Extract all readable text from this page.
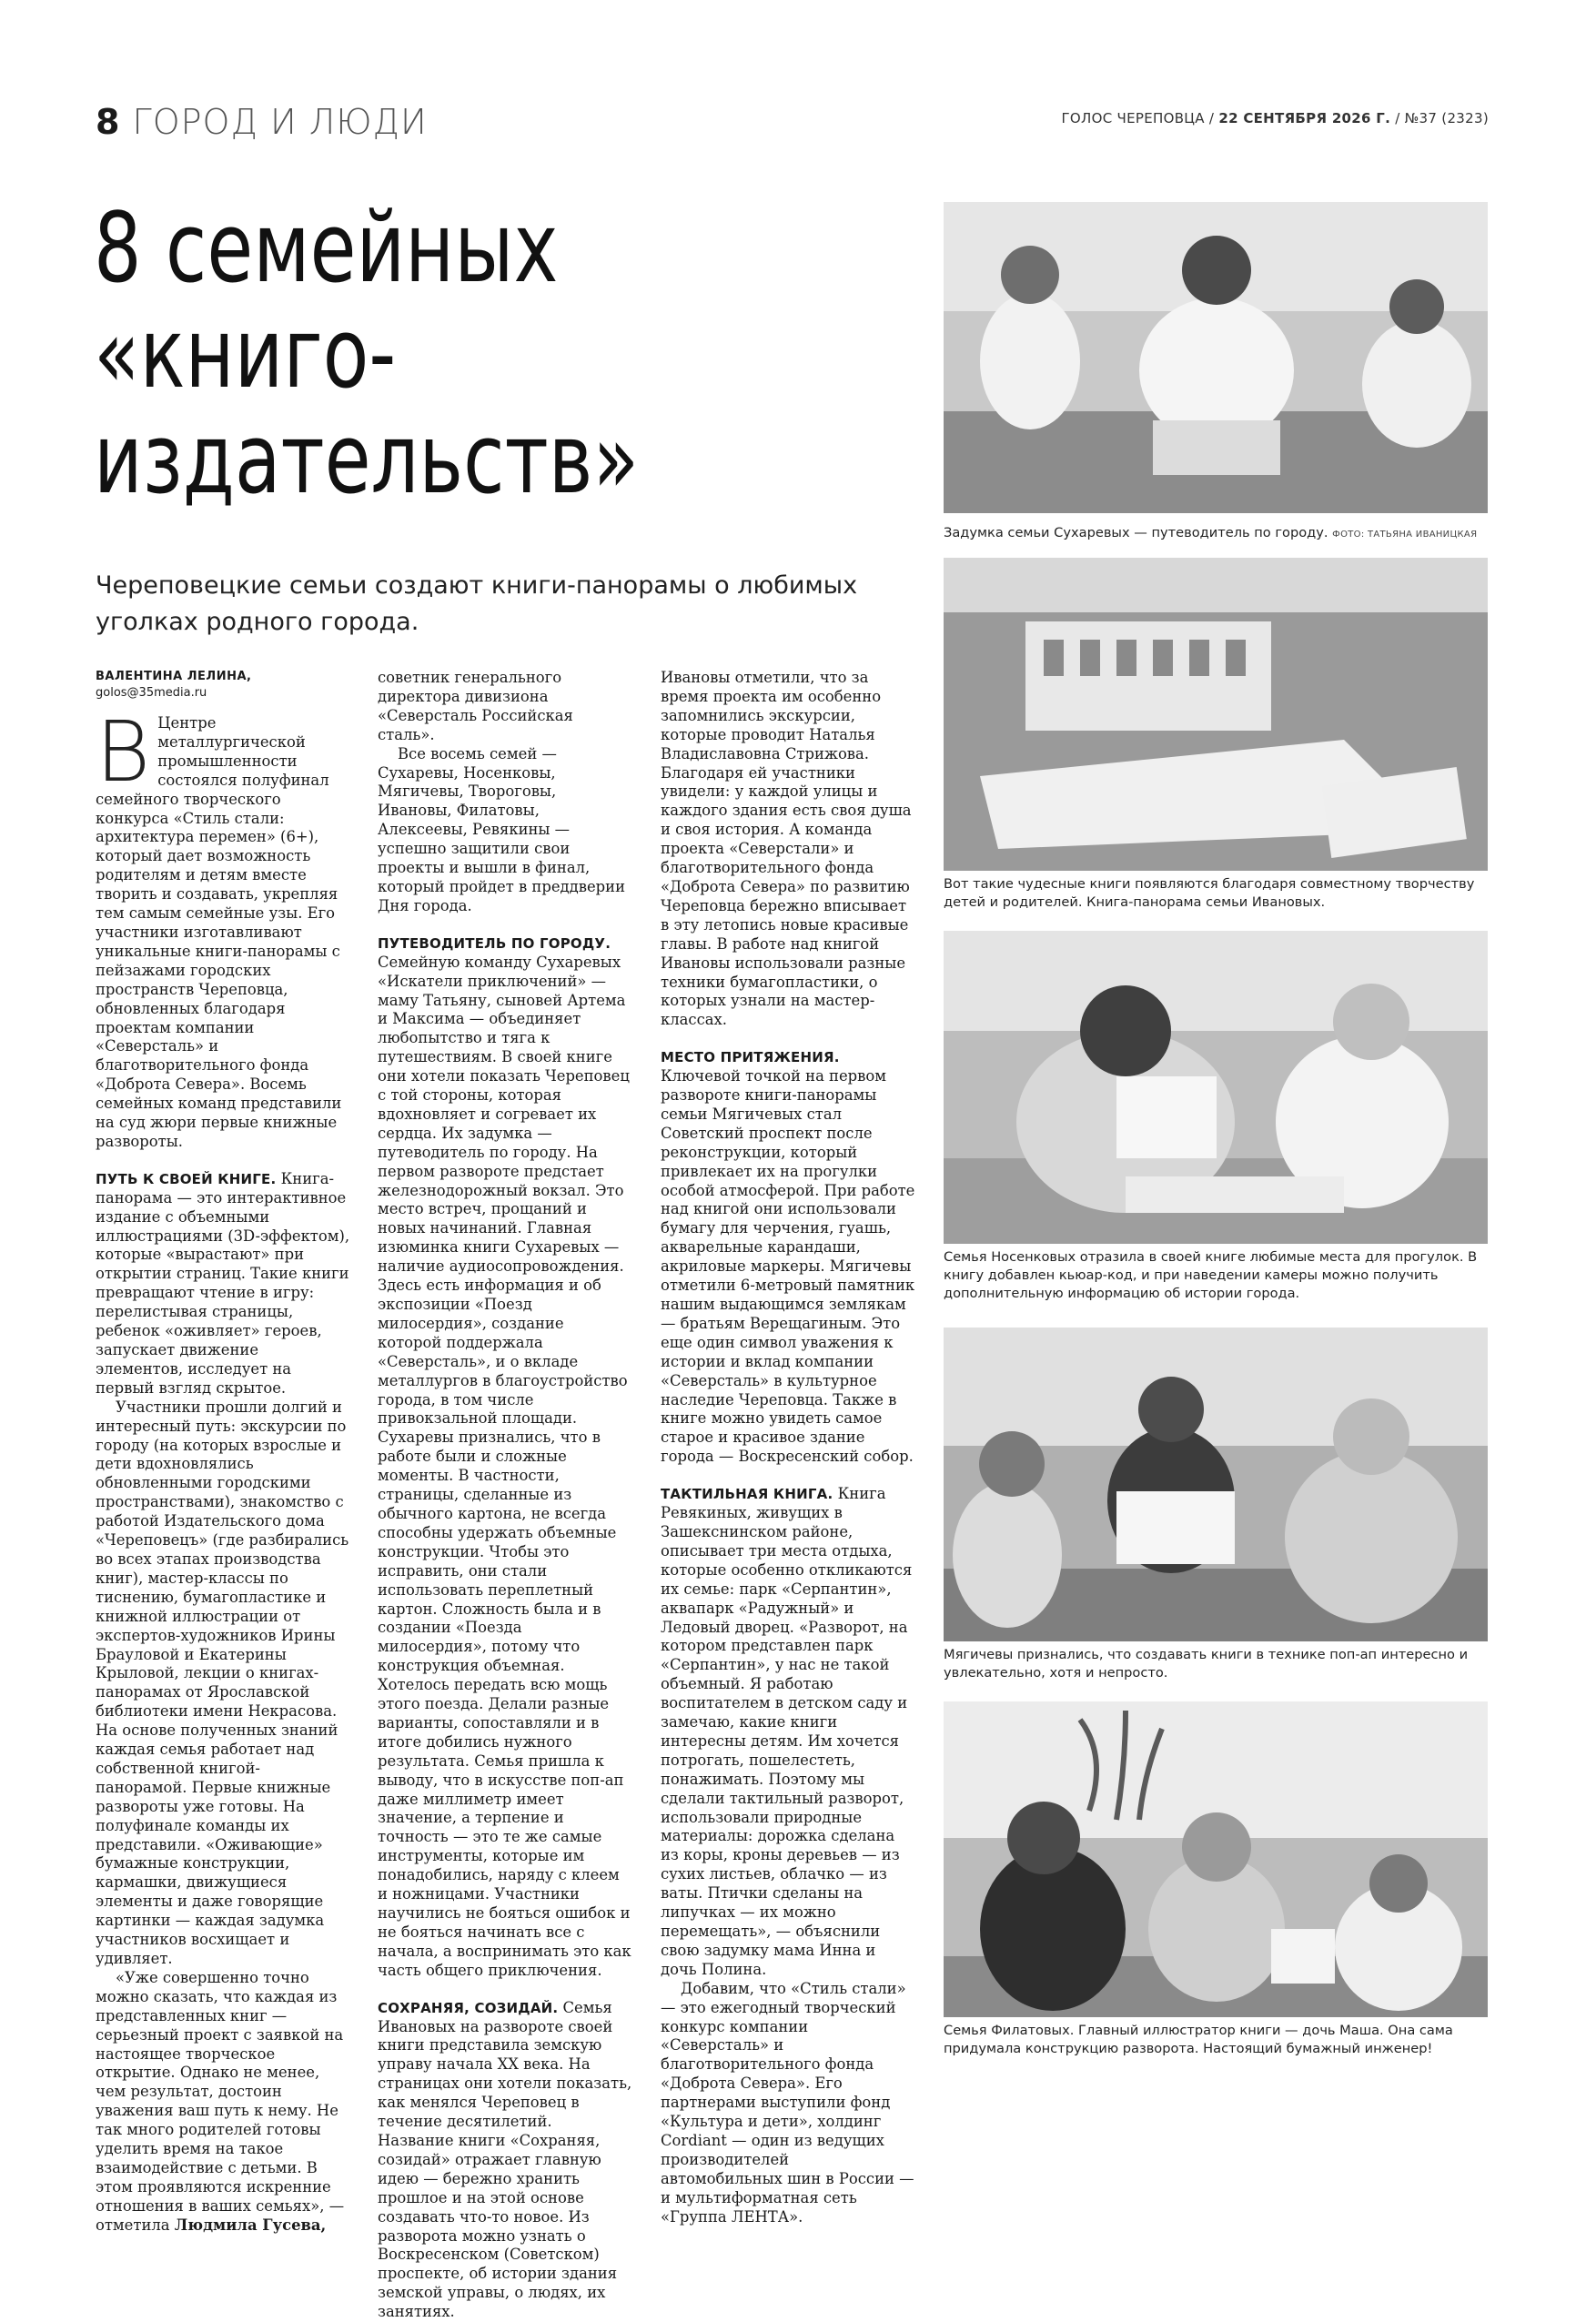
8 ГОРОД И ЛЮДИ	ГОЛОС ЧЕРЕПОВЦА / 22 СЕНТЯБРЯ 2026 Г. / №37 (2323)
8 семейных
«книго-
издательств»
Череповецкие семьи создают книги-панорамы о любимых уголках родного города.
ВАЛЕНТИНА ЛЕЛИНА,
golos@35media.ru

В Центре металлургической промышленности состоялся полуфинал семейного творческого конкурса «Стиль стали: архитектура перемен» (6+), который дает возможность родителям и детям вместе творить и создавать, укрепляя тем самым семейные узы. Его участники изготавливают уникальные книги-панорамы с пейзажами городских пространств Череповца, обновленных благодаря проектам компании «Северсталь» и благотворительного фонда «Доброта Севера». Восемь семейных команд представили на суд жюри первые книжные развороты.

ПУТЬ К СВОЕЙ КНИГЕ. Книга-панорама — это интерактивное издание с объемными иллюстрациями (3D-эффектом), которые «вырастают» при открытии страниц. Такие книги превращают чтение в игру: перелистывая страницы, ребенок «оживляет» героев, запускает движение элементов, исследует на первый взгляд скрытое.

Участники прошли долгий и интересный путь: экскурсии по городу (на которых взрослые и дети вдохновлялись обновленными городскими пространствами), знакомство с работой Издательского дома «Череповецъ» (где разбирались во всех этапах производства книг), мастер-классы по тиснению, бумагопластике и книжной иллюстрации от экспертов-художников Ирины Брауловой и Екатерины Крыловой, лекции о книгах-панорамах от Ярославской библиотеки имени Некрасова. На основе полученных знаний каждая семья работает над собственной книгой-панорамой. Первые книжные развороты уже готовы. На полуфинале команды их представили. «Оживающие» бумажные конструкции, кармашки, движущиеся элементы и даже говорящие картинки — каждая задумка участников восхищает и удивляет.

«Уже совершенно точно можно сказать, что каждая из представленных книг — серьезный проект с заявкой на настоящее творческое открытие. Однако не менее, чем результат, достоин уважения ваш путь к нему. Не так много родителей готовы уделить время на такое взаимодействие с детьми. В этом проявляются искренние отношения в ваших семьях», — отметила Людмила Гусева,

советник генерального директора дивизиона «Северсталь Российская сталь».

Все восемь семей — Сухаревы, Носенковы, Мягичевы, Твороговы, Ивановы, Филатовы, Алексеевы, Ревякины — успешно защитили свои проекты и вышли в финал, который пройдет в преддверии Дня города.

ПУТЕВОДИТЕЛЬ ПО ГОРОДУ. Семейную команду Сухаревых «Искатели приключений» — маму Татьяну, сыновей Артема и Максима — объединяет любопытство и тяга к путешествиям. В своей книге они хотели показать Череповец с той стороны, которая вдохновляет и согревает их сердца. Их задумка — путеводитель по городу. На первом развороте предстает железнодорожный вокзал. Это место встреч, прощаний и новых начинаний. Главная изюминка книги Сухаревых — наличие аудиосопровождения. Здесь есть информация и об экспозиции «Поезд милосердия», создание которой поддержала «Северсталь», и о вкладе металлургов в благоустройство города, в том числе привокзальной площади. Сухаревы признались, что в работе были и сложные моменты. В частности, страницы, сделанные из обычного картона, не всегда способны удержать объемные конструкции. Чтобы это исправить, они стали использовать переплетный картон. Сложность была и в создании «Поезда милосердия», потому что конструкция объемная. Хотелось передать всю мощь этого поезда. Делали разные варианты, сопоставляли и в итоге добились нужного результата. Семья пришла к выводу, что в искусстве поп-ап даже миллиметр имеет значение, а терпение и точность — это те же самые инструменты, которые им понадобились, наряду с клеем и ножницами. Участники научились не бояться ошибок и не бояться начинать все с начала, а воспринимать это как часть общего приключения.

СОХРАНЯЯ, СОЗИДАЙ. Семья Ивановых на развороте своей книги представила земскую управу начала XX века. На страницах они хотели показать, как менялся Череповец в течение десятилетий. Название книги «Сохраняя, созидай» отражает главную идею — бережно хранить прошлое и на этой основе создавать что-то новое. Из разворота можно узнать о Воскресенском (Советском) проспекте, об истории здания земской управы, о людях, их занятиях.

Ивановы отметили, что за время проекта им особенно запомнились экскурсии, которые проводит Наталья Владиславовна Стрижова. Благодаря ей участники увидели: у каждой улицы и каждого здания есть своя душа и своя история. А команда проекта «Северстали» и благотворительного фонда «Доброта Севера» по развитию Череповца бережно вписывает в эту летопись новые красивые главы. В работе над книгой Ивановы использовали разные техники бумагопластики, о которых узнали на мастер-классах.

МЕСТО ПРИТЯЖЕНИЯ. Ключевой точкой на первом развороте книги-панорамы семьи Мягичевых стал Советский проспект после реконструкции, который привлекает их на прогулки особой атмосферой. При работе над книгой они использовали бумагу для черчения, гуашь, акварельные карандаши, акриловые маркеры. Мягичевы отметили 6-метровый памятник нашим выдающимся землякам — братьям Верещагиным. Это еще один символ уважения к истории и вклад компании «Северсталь» в культурное наследие Череповца. Также в книге можно увидеть самое старое и красивое здание города — Воскресенский собор.

ТАКТИЛЬНАЯ КНИГА. Книга Ревякиных, живущих в Зашекснинском районе, описывает три места отдыха, которые особенно откликаются их семье: парк «Серпантин», аквапарк «Радужный» и Ледовый дворец. «Разворот, на котором представлен парк «Серпантин», у нас не такой объемный. Я работаю воспитателем в детском саду и замечаю, какие книги интересны детям. Им хочется потрогать, пошелестеть, понажимать. Поэтому мы сделали тактильный разворот, использовали природные материалы: дорожка сделана из коры, кроны деревьев — из сухих листьев, облачко — из ваты. Птички сделаны на липучках — их можно перемещать», — объяснили свою задумку мама Инна и дочь Полина.

Добавим, что «Стиль стали» — это ежегодный творческий конкурс компании «Северсталь» и благотворительного фонда «Доброта Севера». Его партнерами выступили фонд «Культура и дети», холдинг Cordiant — один из ведущих производителей автомобильных шин в России — и мультиформатная сеть «Группа ЛЕНТА».

Задумка семьи Сухаревых — путеводитель по городу. ФОТО: ТАТЬЯНА ИВАНИЦКАЯ
Вот такие чудесные книги появляются благодаря совместному творчеству детей и родителей. Книга-панорама семьи Ивановых.
Семья Носенковых отразила в своей книге любимые места для прогулок. В книгу добавлен кьюар-код, и при наведении камеры можно получить дополнительную информацию об истории города.
Мягичевы признались, что создавать книги в технике поп-ап интересно и увлекательно, хотя и непросто.
Семья Филатовых. Главный иллюстратор книги — дочь Маша. Она сама придумала конструкцию разворота. Настоящий бумажный инженер!
